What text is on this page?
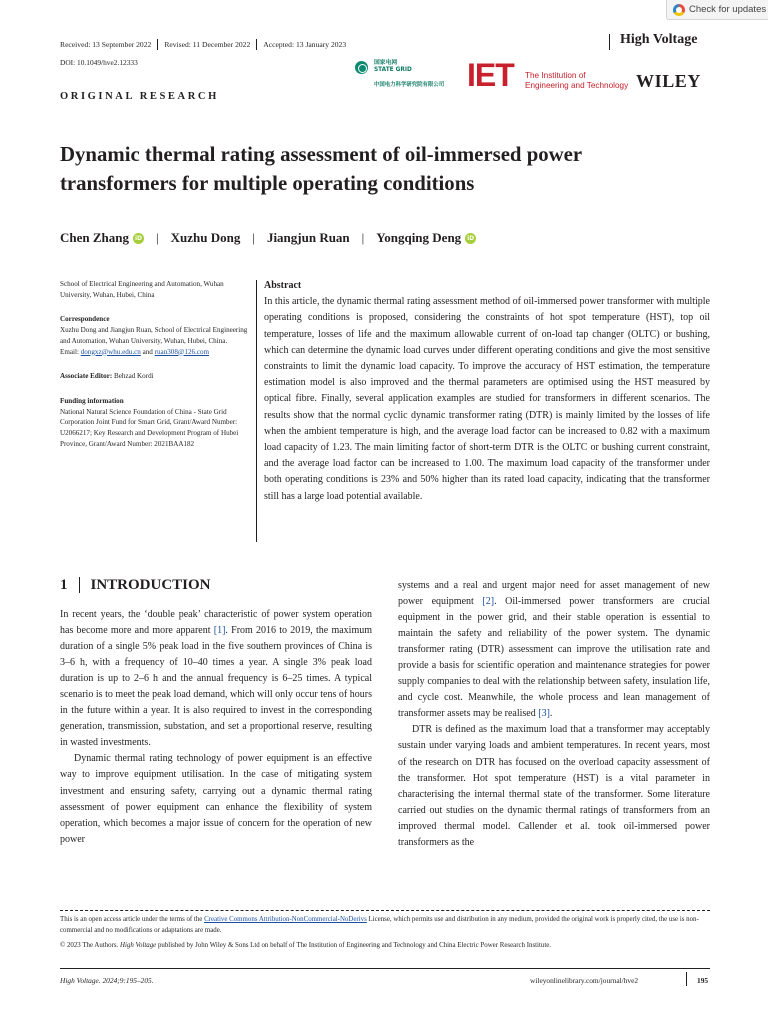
Check for updates
Received: 13 September 2022	Revised: 11 December 2022	Accepted: 13 January 2023	High Voltage
DOI: 10.1049/hve2.12333
ORIGINAL RESEARCH
国家电网
STATE GRID
中国电力科学研究院有限公司 IET The Institution of
Engineering and Technology WILEY
Dynamic thermal rating assessment of oil-immersed power transformers for multiple operating conditions
Chen Zhang iD	| Xuzhu Dong | Jiangjun Ruan | Yongqing Deng iD
School of Electrical Engineering and Automation, Wuhan University, Wuhan, Hubei, China
Correspondence
Xuzhu Dong and Jiangjun Ruan, School of Electrical Engineering and Automation, Wuhan University, Wuhan, Hubei, China.
Email: dongxz@whu.edu.cn and ruan308@126.com
Associate Editor: Behzad Kordi
Funding information
National Natural Science Foundation of China - State Grid Corporation Joint Fund for Smart Grid, Grant/Award Number: U2066217; Key Research and Development Program of Hubei Province, Grant/Award Number: 2021BAA182
Abstract
In this article, the dynamic thermal rating assessment method of oil-immersed power transformer with multiple operating conditions is proposed, considering the constraints of hot spot temperature (HST), top oil temperature, losses of life and the maximum allowable current of on-load tap changer (OLTC) or bushing, which can determine the dynamic load curves under different operating conditions and give the most sensitive constraints to limit the dynamic load capacity. To improve the accuracy of HST estimation, the temperature estimation model is also improved and the thermal parameters are optimised using the HST measured by optical fibre. Finally, several application examples are studied for transformers in different scenarios. The results show that the normal cyclic dynamic transformer rating (DTR) is mainly limited by the losses of life when the ambient temperature is high, and the average load factor can be increased to 0.82 with a maximum load capacity of 1.23. The main limiting factor of short-term DTR is the OLTC or bushing current constraint, and the average load factor can be increased to 1.00. The maximum load capacity of the transformer under both operating conditions is 23% and 50% higher than its rated load capacity, indicating that the transformer still has a large load potential available.
1 INTRODUCTION

In recent years, the ‘double peak’ characteristic of power system operation has become more and more apparent [1]. From 2016 to 2019, the maximum duration of a single 5% peak load in the five southern provinces of China is 3–6 h, with a frequency of 10–40 times a year. A single 3% peak load duration is up to 2–6 h and the annual frequency is 6–25 times. A typical scenario is to meet the peak load demand, which will only occur tens of hours in the future within a year. It is also required to invest in the corresponding generation, transmission, substation, and set a proportional reserve, resulting in wasted investments.

Dynamic thermal rating technology of power equipment is an effective way to improve equipment utilisation. In the case of mitigating system investment and ensuring safety, carrying out a dynamic thermal rating assessment of power equipment can enhance the flexibility of system operation, which becomes a major issue of concern for the operation of new power

systems and a real and urgent major need for asset management of new power equipment [2]. Oil-immersed power transformers are crucial equipment in the power grid, and their stable operation is essential to maintain the safety and reliability of the power system. The dynamic transformer rating (DTR) assessment can improve the utilisation rate and provide a basis for scientific operation and maintenance strategies for power supply companies to deal with the relationship between safety, insulation life, and cycle cost. Meanwhile, the whole process and lean management of transformer assets may be realised [3].

DTR is defined as the maximum load that a transformer may acceptably sustain under varying loads and ambient temperatures. In recent years, most of the research on DTR has focused on the overload capacity assessment of the transformer. Hot spot temperature (HST) is a vital parameter in characterising the internal thermal state of the transformer. Some literature carried out studies on the dynamic thermal ratings of transformers from an improved thermal model. Callender et al. took oil-immersed power transformers as the

This is an open access article under the terms of the Creative Commons Attribution-NonCommercial-NoDerivs License, which permits use and distribution in any medium, provided the original work is properly cited, the use is non-commercial and no modifications or adaptations are made.

© 2023 The Authors. High Voltage published by John Wiley & Sons Ltd on behalf of The Institution of Engineering and Technology and China Electric Power Research Institute.

High Voltage. 2024;9:195–205.	wileyonlinelibrary.com/journal/hve2	195
